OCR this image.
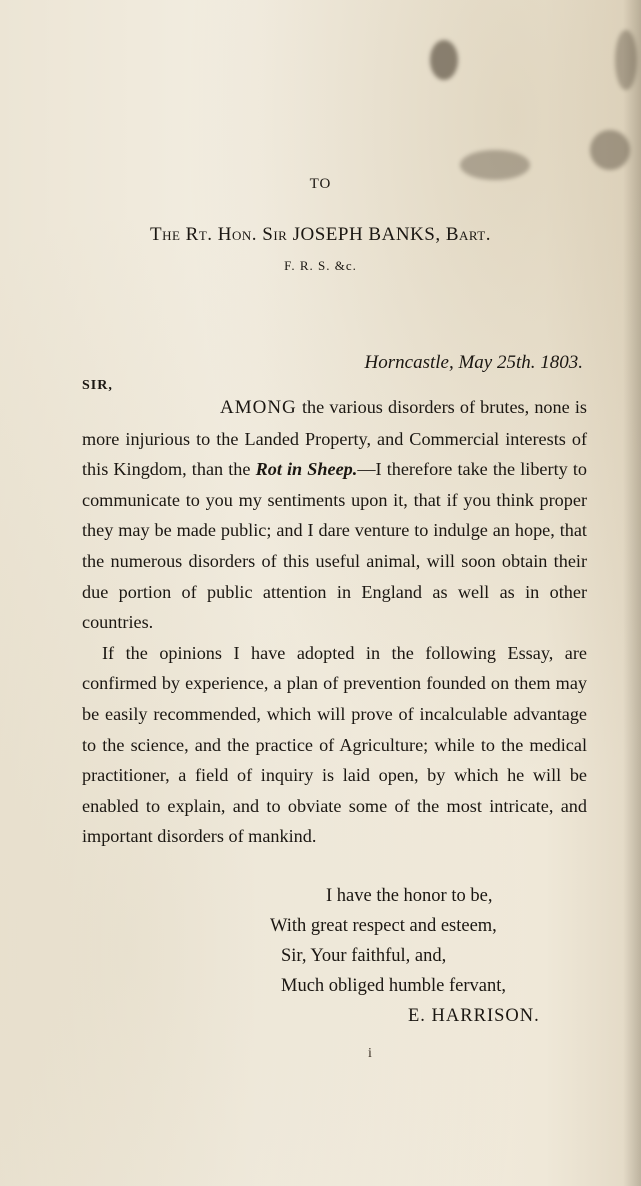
TO
The Rt. Hon. Sir JOSEPH BANKS, Bart.
F. R. S. &c.
Horncastle, May 25th. 1803.
SIR,

AMONG the various disorders of brutes, none is more injurious to the Landed Property, and Commercial interests of this Kingdom, than the Rot in Sheep.—I therefore take the liberty to communicate to you my sentiments upon it, that if you think proper they may be made public; and I dare venture to indulge an hope, that the numerous disorders of this useful animal, will soon obtain their due portion of public attention in England as well as in other countries.

If the opinions I have adopted in the following Essay, are confirmed by experience, a plan of prevention founded on them may be easily recommended, which will prove of incalculable advantage to the science, and the practice of Agriculture; while to the medical practitioner, a field of inquiry is laid open, by which he will be enabled to explain, and to obviate some of the most intricate, and important disorders of mankind.

I have the honor to be,
With great respect and esteem,
Sir, Your faithful, and,
Much obliged humble fervant,
E. HARRISON.
i
